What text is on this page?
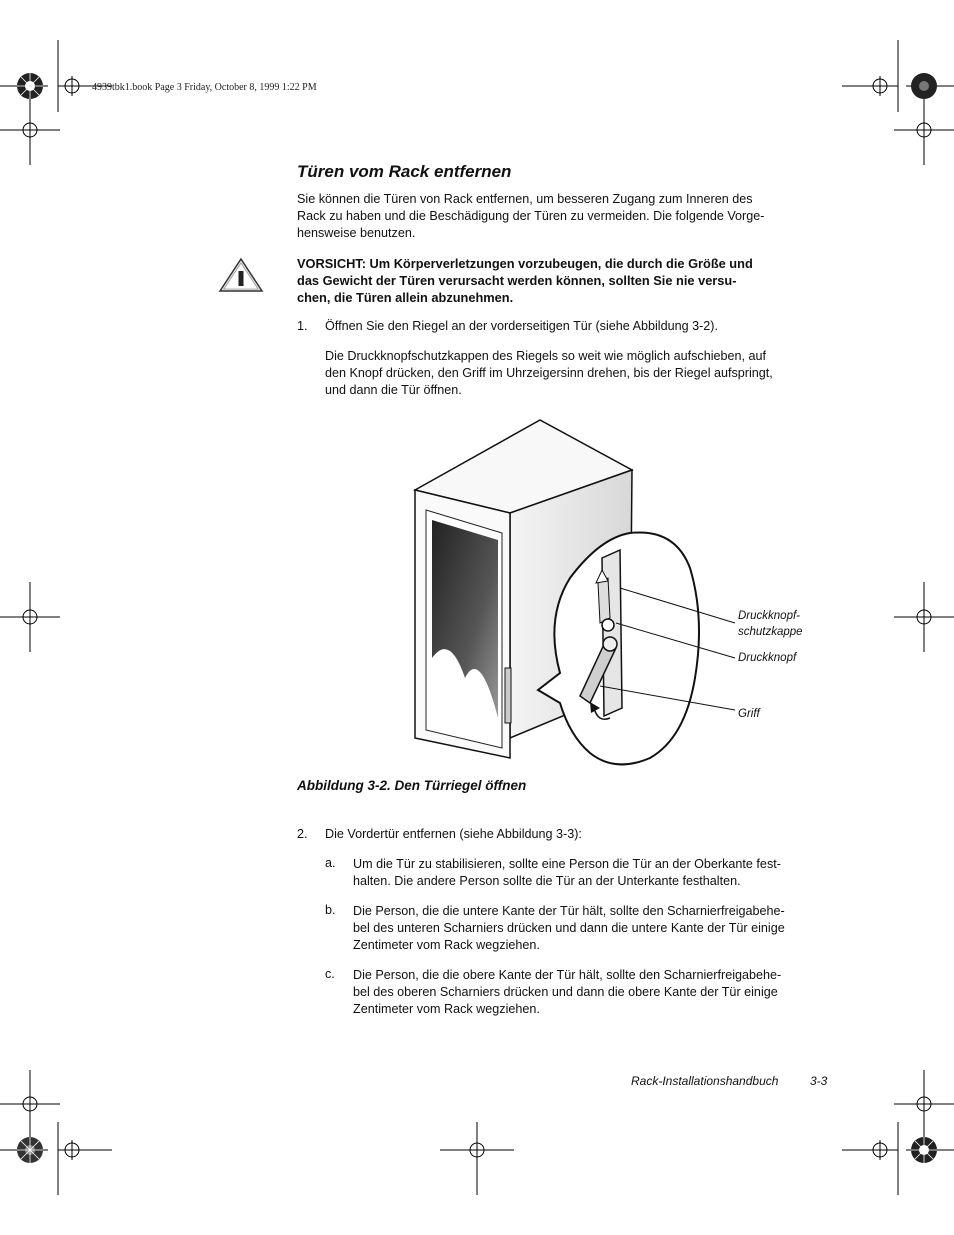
4939tbk1.book Page 3 Friday, October 8, 1999 1:22 PM
Türen vom Rack entfernen

Sie können die Türen von Rack entfernen, um besseren Zugang zum Inneren des
Rack zu haben und die Beschädigung der Türen zu vermeiden. Die folgende Vorge-
hensweise benutzen.

VORSICHT: Um Körperverletzungen vorzubeugen, die durch die Größe und
das Gewicht der Türen verursacht werden können, sollten Sie nie versu-
chen, die Türen allein abzunehmen.

1. Öffnen Sie den Riegel an der vorderseitigen Tür (siehe Abbildung 3-2).

Die Druckknopfschutzkappen des Riegels so weit wie möglich aufschieben, auf
den Knopf drücken, den Griff im Uhrzeigersinn drehen, bis der Riegel aufspringt,
und dann die Tür öffnen.

Druckknopf-
schutzkappe
Druckknopf
Griff
Abbildung 3-2. Den Türriegel öffnen
2. Die Vordertür entfernen (siehe Abbildung 3-3):
a. Um die Tür zu stabilisieren, sollte eine Person die Tür an der Oberkante fest-
halten. Die andere Person sollte die Tür an der Unterkante festhalten.

b. Die Person, die die untere Kante der Tür hält, sollte den Scharnierfreigabehe-
bel des unteren Scharniers drücken und dann die untere Kante der Tür einige
Zentimeter vom Rack wegziehen.

c. Die Person, die die obere Kante der Tür hält, sollte den Scharnierfreigabehe-
bel des oberen Scharniers drücken und dann die obere Kante der Tür einige
Zentimeter vom Rack wegziehen.

Rack-Installationshandbuch	3-3
